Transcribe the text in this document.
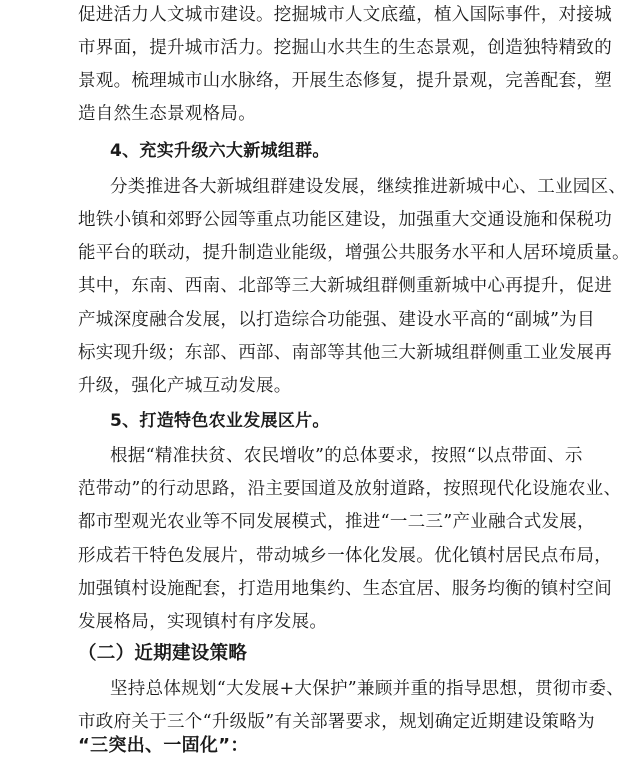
促进活力人文城市建设。挖掘城市人文底蕴，植入国际事件，对接城
市界面，提升城市活力。挖掘山水共生的生态景观，创造独特精致的
景观。梳理城市山水脉络，开展生态修复，提升景观，完善配套，塑
造自然生态景观格局。
4、充实升级六大新城组群。
分类推进各大新城组群建设发展，继续推进新城中心、工业园区、
地铁小镇和郊野公园等重点功能区建设，加强重大交通设施和保税功
能平台的联动，提升制造业能级，增强公共服务水平和人居环境质量。
其中，东南、西南、北部等三大新城组群侧重新城中心再提升，促进
产城深度融合发展，以打造综合功能强、建设水平高的“副城”为目
标实现升级；东部、西部、南部等其他三大新城组群侧重工业发展再
升级，强化产城互动发展。
5、打造特色农业发展区片。
根据“精准扶贫、农民增收”的总体要求，按照“以点带面、示
范带动”的行动思路，沿主要国道及放射道路，按照现代化设施农业、
都市型观光农业等不同发展模式，推进“一二三”产业融合式发展，
形成若干特色发展片，带动城乡一体化发展。优化镇村居民点布局，
加强镇村设施配套，打造用地集约、生态宜居、服务均衡的镇村空间
发展格局，实现镇村有序发展。
（二）近期建设策略
坚持总体规划“大发展+大保护”兼顾并重的指导思想，贯彻市委、
市政府关于三个“升级版”有关部署要求，规划确定近期建设策略为
“三突出、一固化”：
